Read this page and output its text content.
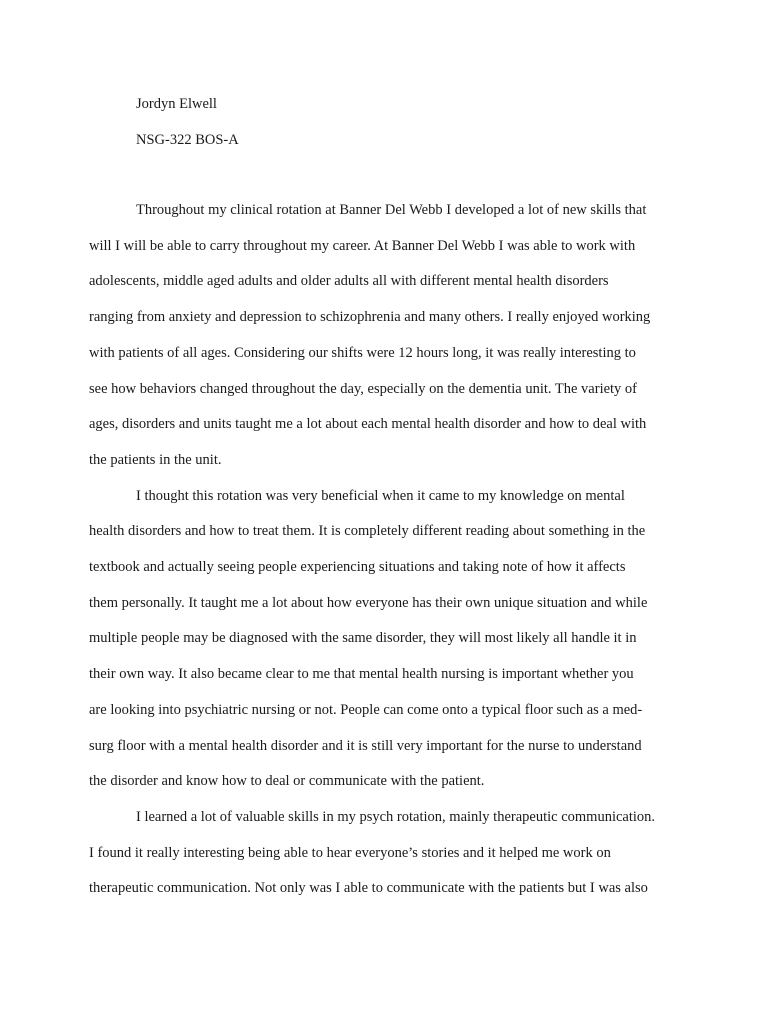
Jordyn Elwell

NSG-322 BOS-A

Throughout my clinical rotation at Banner Del Webb I developed a lot of new skills that

will I will be able to carry throughout my career. At Banner Del Webb I was able to work with

adolescents, middle aged adults and older adults all with different mental health disorders

ranging from anxiety and depression to schizophrenia and many others. I really enjoyed working

with patients of all ages. Considering our shifts were 12 hours long, it was really interesting to

see how behaviors changed throughout the day, especially on the dementia unit. The variety of

ages, disorders and units taught me a lot about each mental health disorder and how to deal with

the patients in the unit.

I thought this rotation was very beneficial when it came to my knowledge on mental

health disorders and how to treat them. It is completely different reading about something in the

textbook and actually seeing people experiencing situations and taking note of how it affects

them personally. It taught me a lot about how everyone has their own unique situation and while

multiple people may be diagnosed with the same disorder, they will most likely all handle it in

their own way. It also became clear to me that mental health nursing is important whether you

are looking into psychiatric nursing or not. People can come onto a typical floor such as a med-

surg floor with a mental health disorder and it is still very important for the nurse to understand

the disorder and know how to deal or communicate with the patient.

I learned a lot of valuable skills in my psych rotation, mainly therapeutic communication.

I found it really interesting being able to hear everyone’s stories and it helped me work on

therapeutic communication. Not only was I able to communicate with the patients but I was also
